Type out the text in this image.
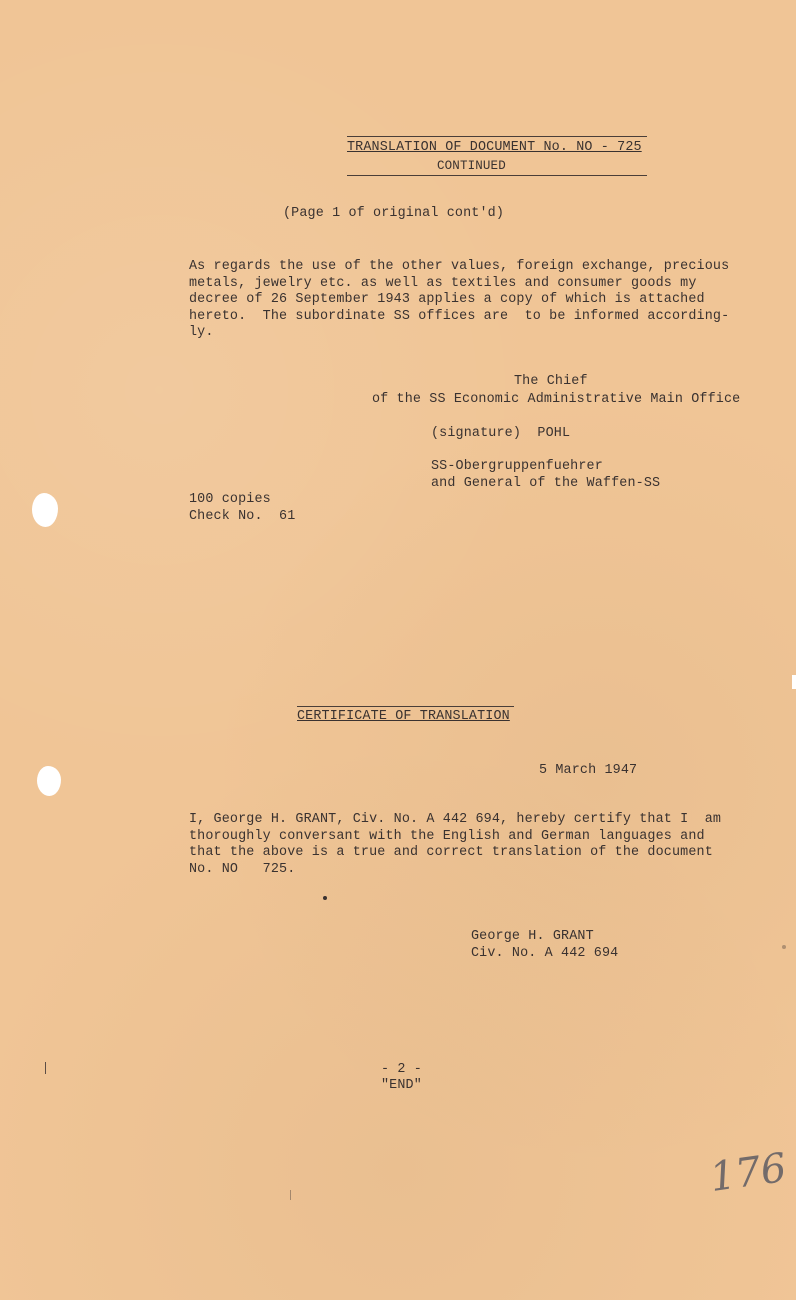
TRANSLATION OF DOCUMENT No. NO - 725

CONTINUED

(Page 1 of original cont'd)

As regards the use of the other values, foreign exchange, precious
metals, jewelry etc. as well as textiles and consumer goods my
decree of 26 September 1943 applies a copy of which is attached
hereto.  The subordinate SS offices are  to be informed according-
ly.

The Chief

of the SS Economic Administrative Main Office

(signature)  POHL

SS-Obergruppenfuehrer

and General of the Waffen-SS

100 copies

Check No.  61

CERTIFICATE OF TRANSLATION

5 March 1947

I, George H. GRANT, Civ. No. A 442 694, hereby certify that I  am
thoroughly conversant with the English and German languages and
that the above is a true and correct translation of the document
No. NO   725.

George H. GRANT

Civ. No. A 442 694

- 2 -

"END"

176
